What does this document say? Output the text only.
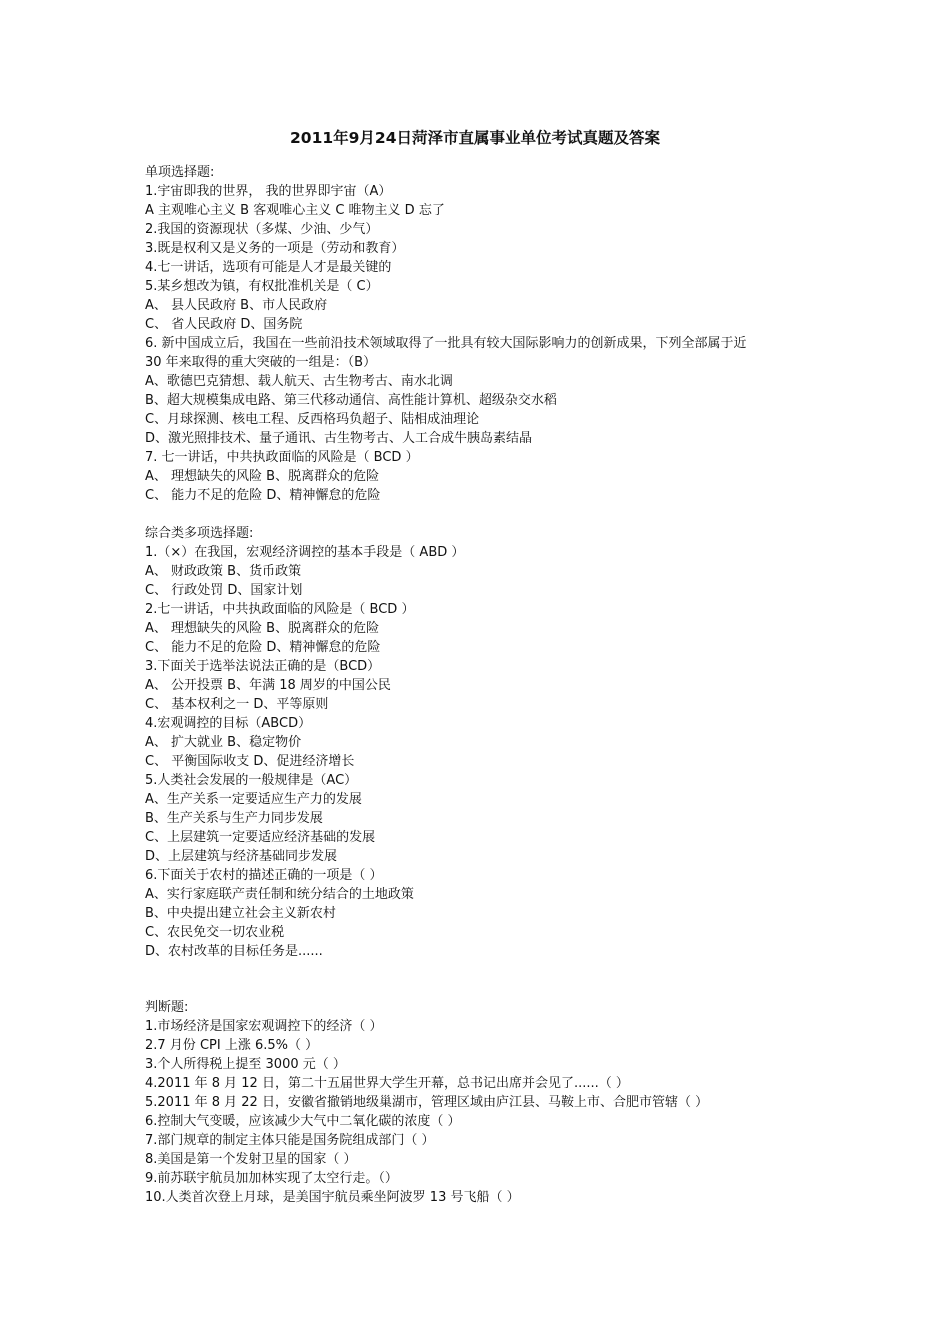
2011年9月24日菏泽市直属事业单位考试真题及答案
单项选择题:
1.宇宙即我的世界， 我的世界即宇宙（A）
A 主观唯心主义 B 客观唯心主义 C 唯物主义 D 忘了
2.我国的资源现状（多煤、少油、少气）
3.既是权利又是义务的一项是（劳动和教育）
4.七一讲话，选项有可能是人才是最关键的
5.某乡想改为镇，有权批准机关是（ C）
A、 县人民政府 B、市人民政府
C、 省人民政府 D、国务院
6. 新中国成立后，我国在一些前沿技术领域取得了一批具有较大国际影响力的创新成果，下列全部属于近
30 年来取得的重大突破的一组是：（B）
A、歌德巴克猜想、载人航天、古生物考古、南水北调
B、超大规模集成电路、第三代移动通信、高性能计算机、超级杂交水稻
C、月球探测、核电工程、反西格玛负超子、陆相成油理论
D、激光照排技术、量子通讯、古生物考古、人工合成牛胰岛素结晶
7. 七一讲话，中共执政面临的风险是（ BCD ）
A、 理想缺失的风险 B、脱离群众的危险
C、 能力不足的危险 D、精神懈怠的危险
综合类多项选择题:
1.（×）在我国，宏观经济调控的基本手段是（ ABD ）
A、 财政政策 B、货币政策
C、 行政处罚 D、国家计划
2.七一讲话，中共执政面临的风险是（ BCD ）
A、 理想缺失的风险 B、脱离群众的危险
C、 能力不足的危险 D、精神懈怠的危险
3.下面关于选举法说法正确的是（BCD）
A、 公开投票 B、年满 18 周岁的中国公民
C、 基本权利之一 D、平等原则
4.宏观调控的目标（ABCD）
A、 扩大就业 B、稳定物价
C、 平衡国际收支 D、促进经济增长
5.人类社会发展的一般规律是（AC）
A、生产关系一定要适应生产力的发展
B、生产关系与生产力同步发展
C、上层建筑一定要适应经济基础的发展
D、上层建筑与经济基础同步发展
6.下面关于农村的描述正确的一项是（ ）
A、实行家庭联产责任制和统分结合的土地政策
B、中央提出建立社会主义新农村
C、农民免交一切农业税
D、农村改革的目标任务是......
判断题:
1.市场经济是国家宏观调控下的经济（ ）
2.7 月份 CPI 上涨 6.5%（ ）
3.个人所得税上提至 3000 元（ ）
4.2011 年 8 月 12 日，第二十五届世界大学生开幕，总书记出席并会见了......（ ）
5.2011 年 8 月 22 日，安徽省撤销地级巢湖市，管理区域由庐江县、马鞍上市、合肥市管辖（ ）
6.控制大气变暖，应该减少大气中二氧化碳的浓度（ ）
7.部门规章的制定主体只能是国务院组成部门（ ）
8.美国是第一个发射卫星的国家（ ）
9.前苏联宇航员加加林实现了太空行走。（）
10.人类首次登上月球，是美国宇航员乘坐阿波罗 13 号飞船（ ）
